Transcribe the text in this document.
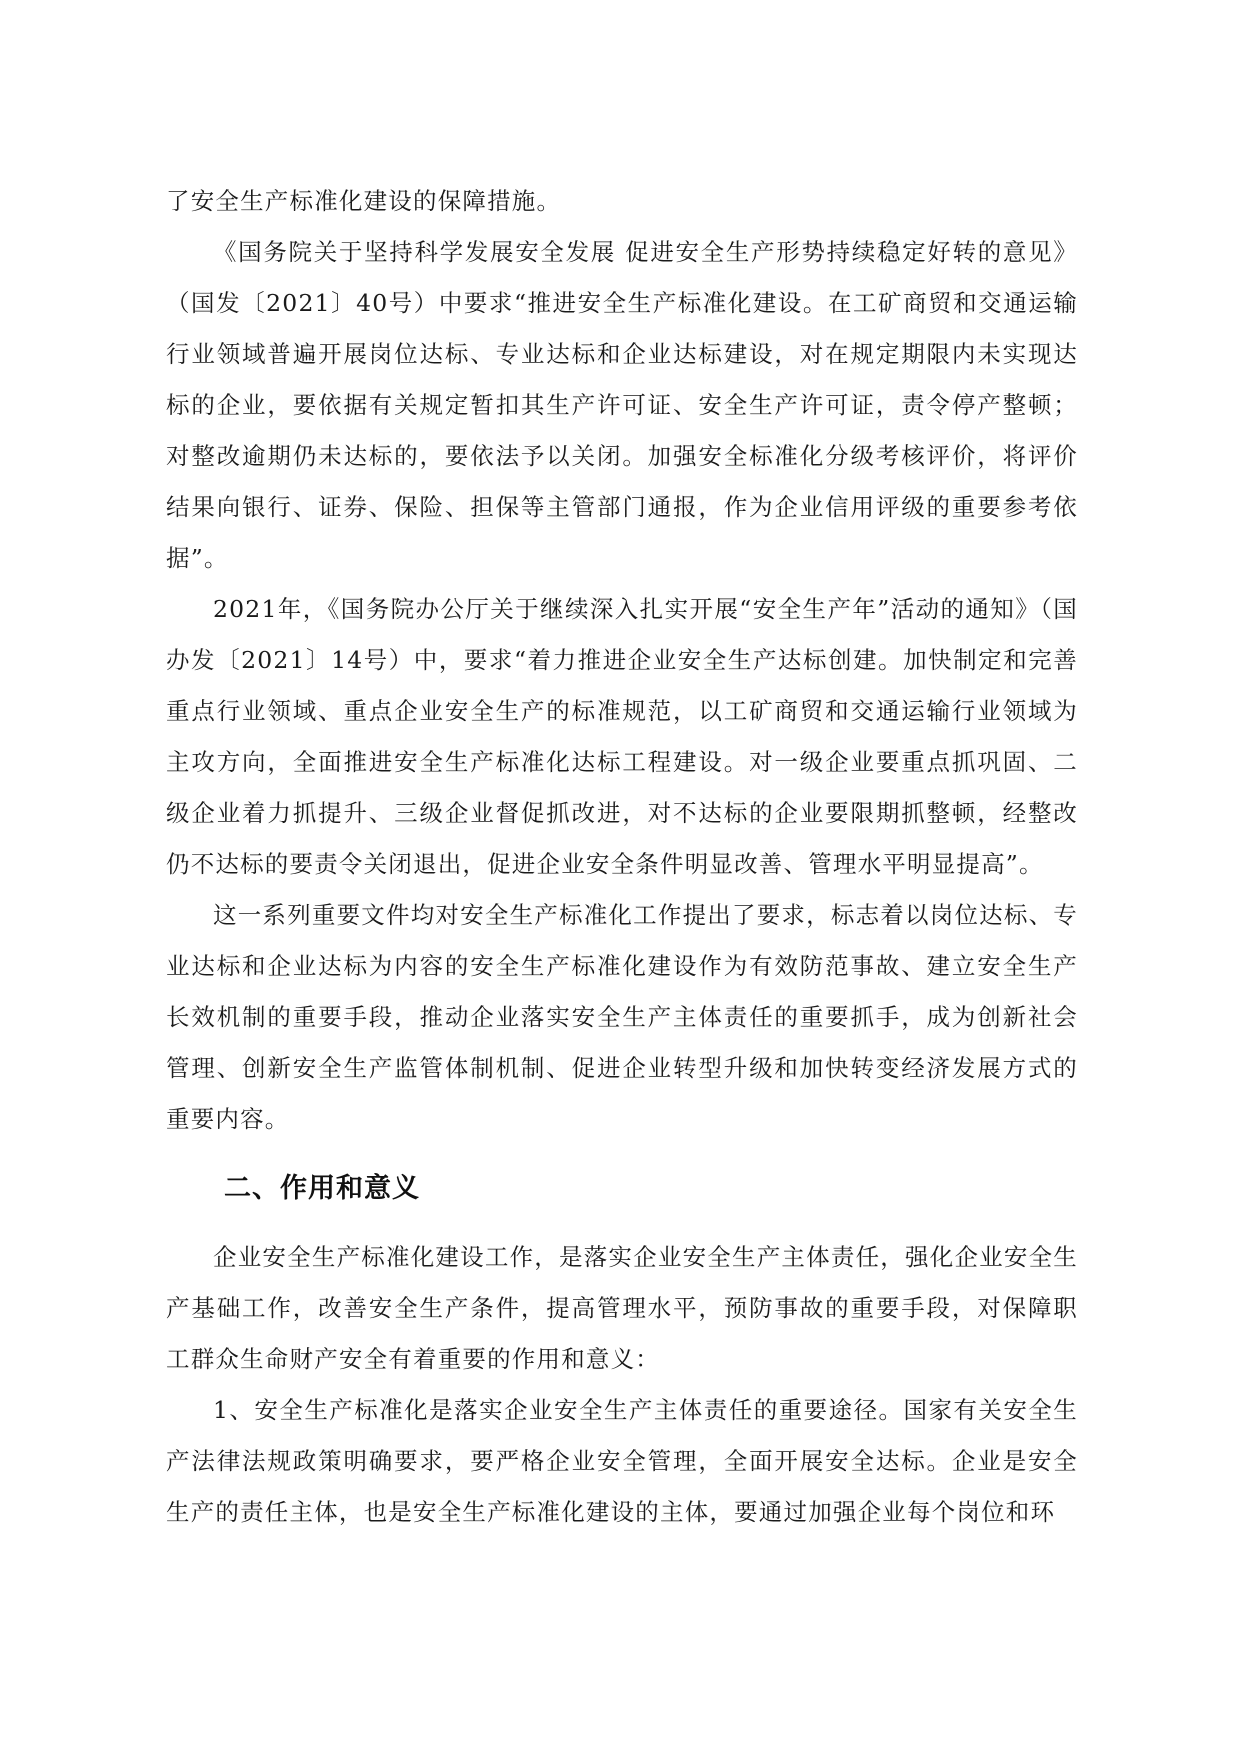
了安全生产标准化建设的保障措施。

《国务院关于坚持科学发展安全发展 促进安全生产形势持续稳定好转的意见》（国发〔2021〕40号）中要求“推进安全生产标准化建设。在工矿商贸和交通运输行业领域普遍开展岗位达标、专业达标和企业达标建设，对在规定期限内未实现达标的企业，要依据有关规定暂扣其生产许可证、安全生产许可证，责令停产整顿；对整改逾期仍未达标的，要依法予以关闭。加强安全标准化分级考核评价，将评价结果向银行、证券、保险、担保等主管部门通报，作为企业信用评级的重要参考依据”。

2021年，《国务院办公厅关于继续深入扎实开展“安全生产年”活动的通知》（国办发〔2021〕14号）中，要求“着力推进企业安全生产达标创建。加快制定和完善重点行业领域、重点企业安全生产的标准规范，以工矿商贸和交通运输行业领域为主攻方向，全面推进安全生产标准化达标工程建设。对一级企业要重点抓巩固、二级企业着力抓提升、三级企业督促抓改进，对不达标的企业要限期抓整顿，经整改仍不达标的要责令关闭退出，促进企业安全条件明显改善、管理水平明显提高”。

这一系列重要文件均对安全生产标准化工作提出了要求，标志着以岗位达标、专业达标和企业达标为内容的安全生产标准化建设作为有效防范事故、建立安全生产长效机制的重要手段，推动企业落实安全生产主体责任的重要抓手，成为创新社会管理、创新安全生产监管体制机制、促进企业转型升级和加快转变经济发展方式的重要内容。

二、作用和意义

企业安全生产标准化建设工作，是落实企业安全生产主体责任，强化企业安全生产基础工作，改善安全生产条件，提高管理水平，预防事故的重要手段，对保障职工群众生命财产安全有着重要的作用和意义：

1、安全生产标准化是落实企业安全生产主体责任的重要途径。国家有关安全生产法律法规政策明确要求，要严格企业安全管理，全面开展安全达标。企业是安全生产的责任主体，也是安全生产标准化建设的主体，要通过加强企业每个岗位和环
